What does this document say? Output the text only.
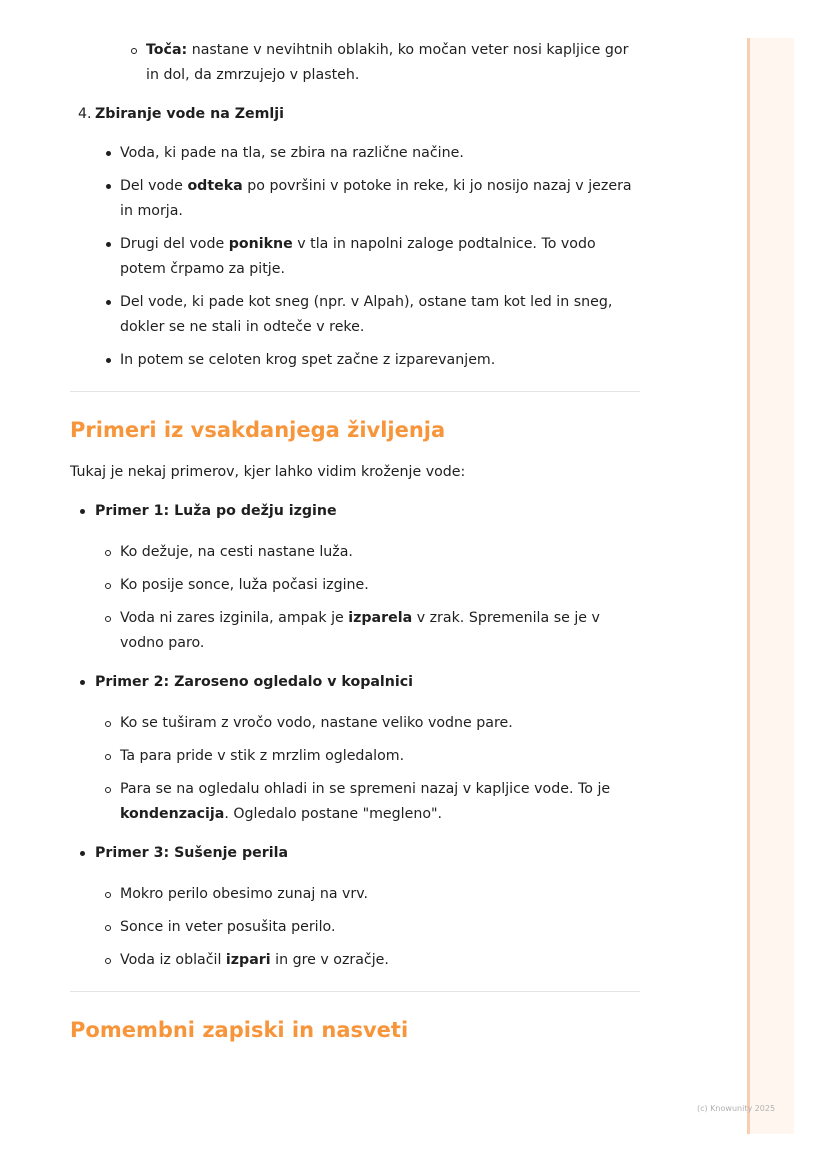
Toča: nastane v nevihtnih oblakih, ko močan veter nosi kapljice gor in dol, da zmrzujejo v plasteh.
4. Zbiranje vode na Zemlji
Voda, ki pade na tla, se zbira na različne načine.
Del vode odteka po površini v potoke in reke, ki jo nosijo nazaj v jezera in morja.
Drugi del vode ponikne v tla in napolni zaloge podtalnice. To vodo potem črpamo za pitje.
Del vode, ki pade kot sneg (npr. v Alpah), ostane tam kot led in sneg, dokler se ne stali in odteče v reke.
In potem se celoten krog spet začne z izparevanjem.
Primeri iz vsakdanjega življenja

Tukaj je nekaj primerov, kjer lahko vidim kroženje vode:

Primer 1: Luža po dežju izgine
Ko dežuje, na cesti nastane luža.
Ko posije sonce, luža počasi izgine.
Voda ni zares izginila, ampak je izparela v zrak. Spremenila se je v vodno paro.
Primer 2: Zaroseno ogledalo v kopalnici
Ko se tuširam z vročo vodo, nastane veliko vodne pare.
Ta para pride v stik z mrzlim ogledalom.
Para se na ogledalu ohladi in se spremeni nazaj v kapljice vode. To je kondenzacija. Ogledalo postane "megleno".
Primer 3: Sušenje perila
Mokro perilo obesimo zunaj na vrv.
Sonce in veter posušita perilo.
Voda iz oblačil izpari in gre v ozračje.
Pomembni zapiski in nasveti
(c) Knowunity 2025
